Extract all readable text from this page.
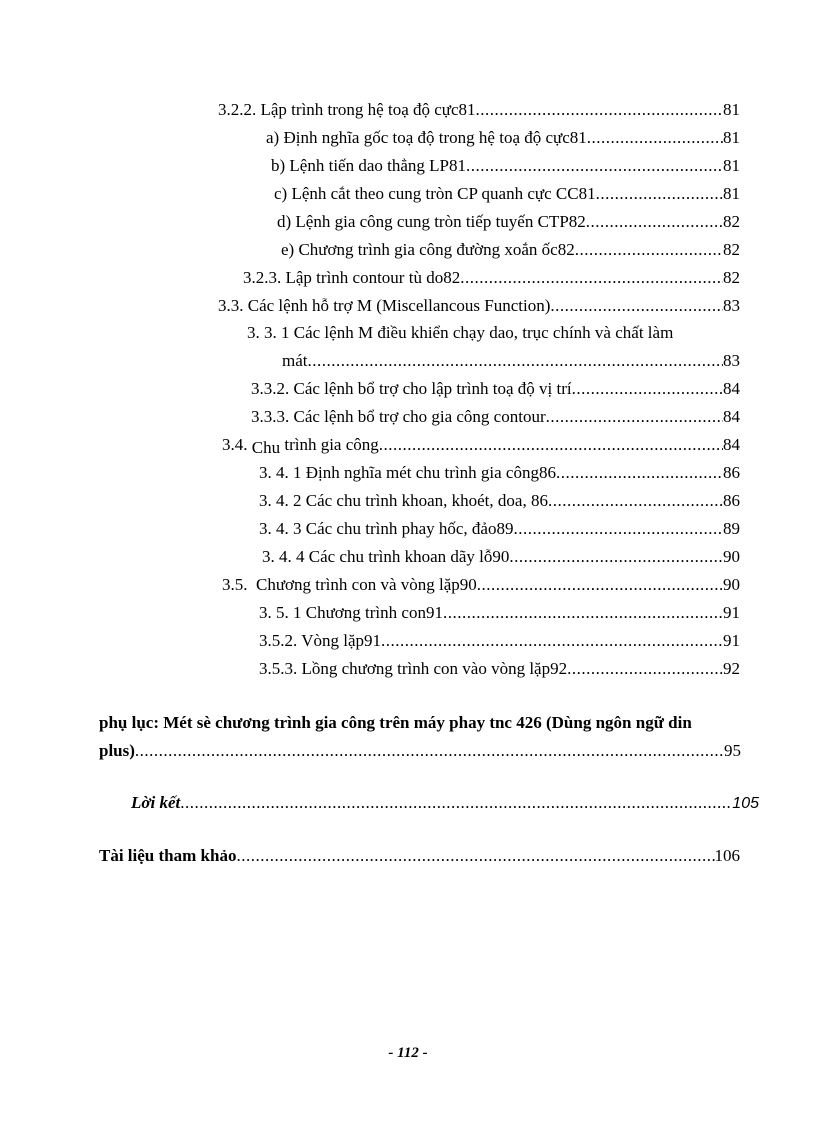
3.2.2. Lập trình trong hệ toạ độ cực81 .....	81
a) Định nghĩa gốc toạ độ trong hệ toạ độ cực81 .....	81
b) Lệnh tiến dao thẳng LP81 .....	81
c) Lệnh cắt theo cung tròn CP quanh cực CC81 .....	81
d) Lệnh gia công cung tròn tiếp tuyến CTP82 .....	82
e) Chương trình gia công đường xoắn ốc82 .....	82
3.2.3. Lập trình contour tù do82 .....	82
3.3. Các lệnh hỗ trợ M (Miscellancous Function) .....	83
3. 3. 1 Các lệnh M điều khiển chạy dao, trục chính và chất làm
mát .....	83
3.3.2. Các lệnh bổ trợ cho lập trình toạ độ vị trí .....	84
3.3.3. Các lệnh bổ trợ cho gia công contour .....	84
3.4. Chu trình gia công .....	84
3. 4. 1 Định nghĩa mét chu trình gia công86 .....	86
3. 4. 2 Các chu trình khoan, khoét, doa, 86 .....	86
3. 4. 3 Các chu trình phay hốc, đảo89 .....	89
3. 4. 4 Các chu trình khoan dãy lỗ90 .....	90
3.5.  Chương trình con và vòng lặp90 .....	90
3. 5. 1 Chương trình con91 .....	91
3.5.2. Vòng lặp91 .....	91
3.5.3. Lồng chương trình con vào vòng lặp92 .....	92
phụ lục: Mét sè chương trình gia công trên máy phay tnc 426 (Dùng ngôn ngữ din
plus) .....	95
Lời kết .....	105
Tài liệu tham khảo .....	106
- 112 -
